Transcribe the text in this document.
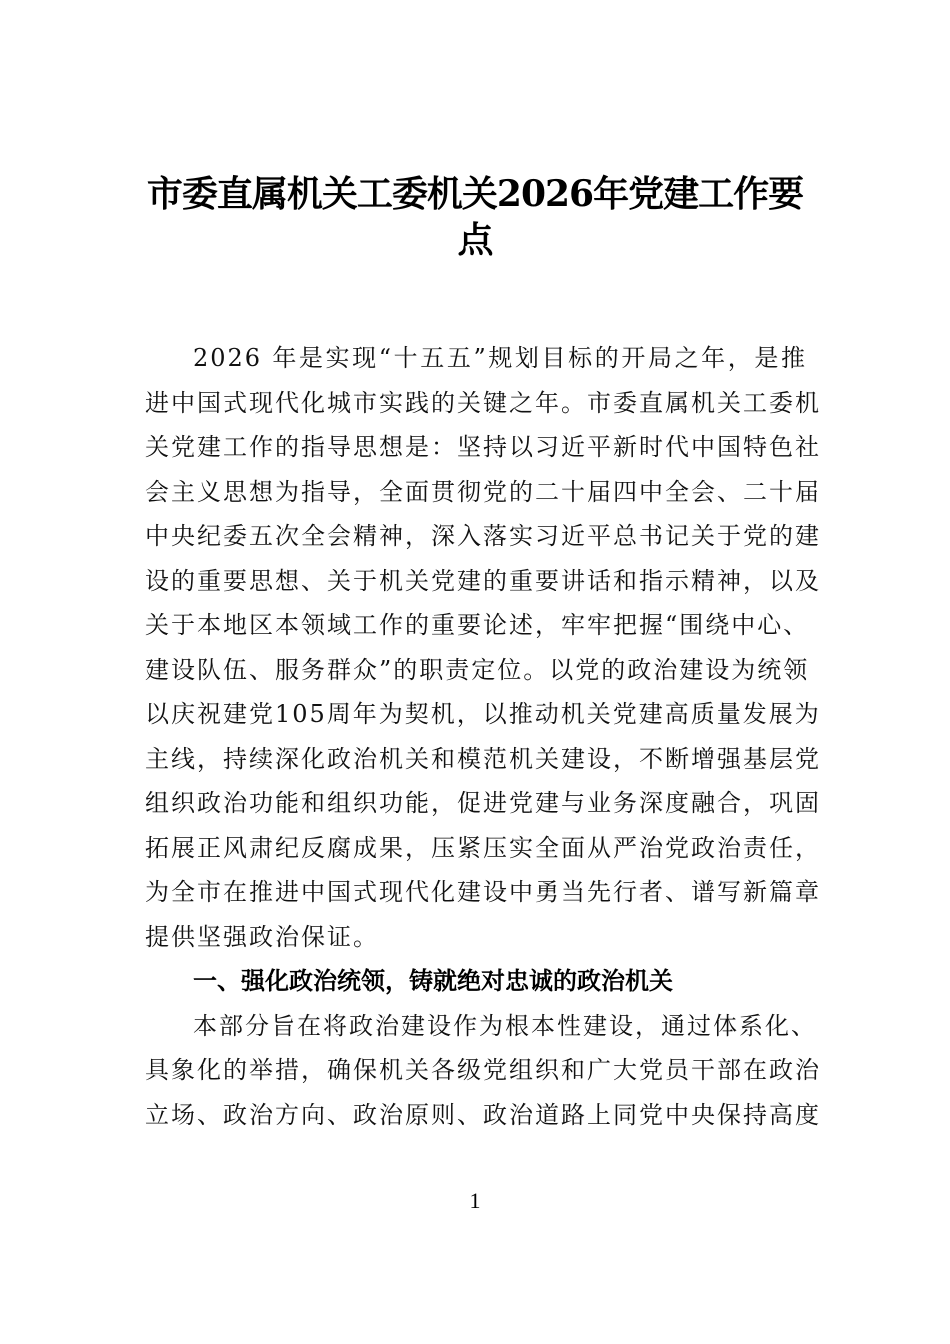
市委直属机关工委机关2026年党建工作要
点
2026 年是实现“十五五”规划目标的开局之年，是推
进中国式现代化城市实践的关键之年。市委直属机关工委机
关党建工作的指导思想是：坚持以习近平新时代中国特色社
会主义思想为指导，全面贯彻党的二十届四中全会、二十届
中央纪委五次全会精神，深入落实习近平总书记关于党的建
设的重要思想、关于机关党建的重要讲话和指示精神，以及
关于本地区本领域工作的重要论述，牢牢把握“围绕中心、
建设队伍、服务群众”的职责定位。以党的政治建设为统领
以庆祝建党105周年为契机，以推动机关党建高质量发展为
主线，持续深化政治机关和模范机关建设，不断增强基层党
组织政治功能和组织功能，促进党建与业务深度融合，巩固
拓展正风肃纪反腐成果，压紧压实全面从严治党政治责任，
为全市在推进中国式现代化建设中勇当先行者、谱写新篇章
提供坚强政治保证。
一、强化政治统领，铸就绝对忠诚的政治机关
本部分旨在将政治建设作为根本性建设，通过体系化、
具象化的举措，确保机关各级党组织和广大党员干部在政治
立场、政治方向、政治原则、政治道路上同党中央保持高度
1
